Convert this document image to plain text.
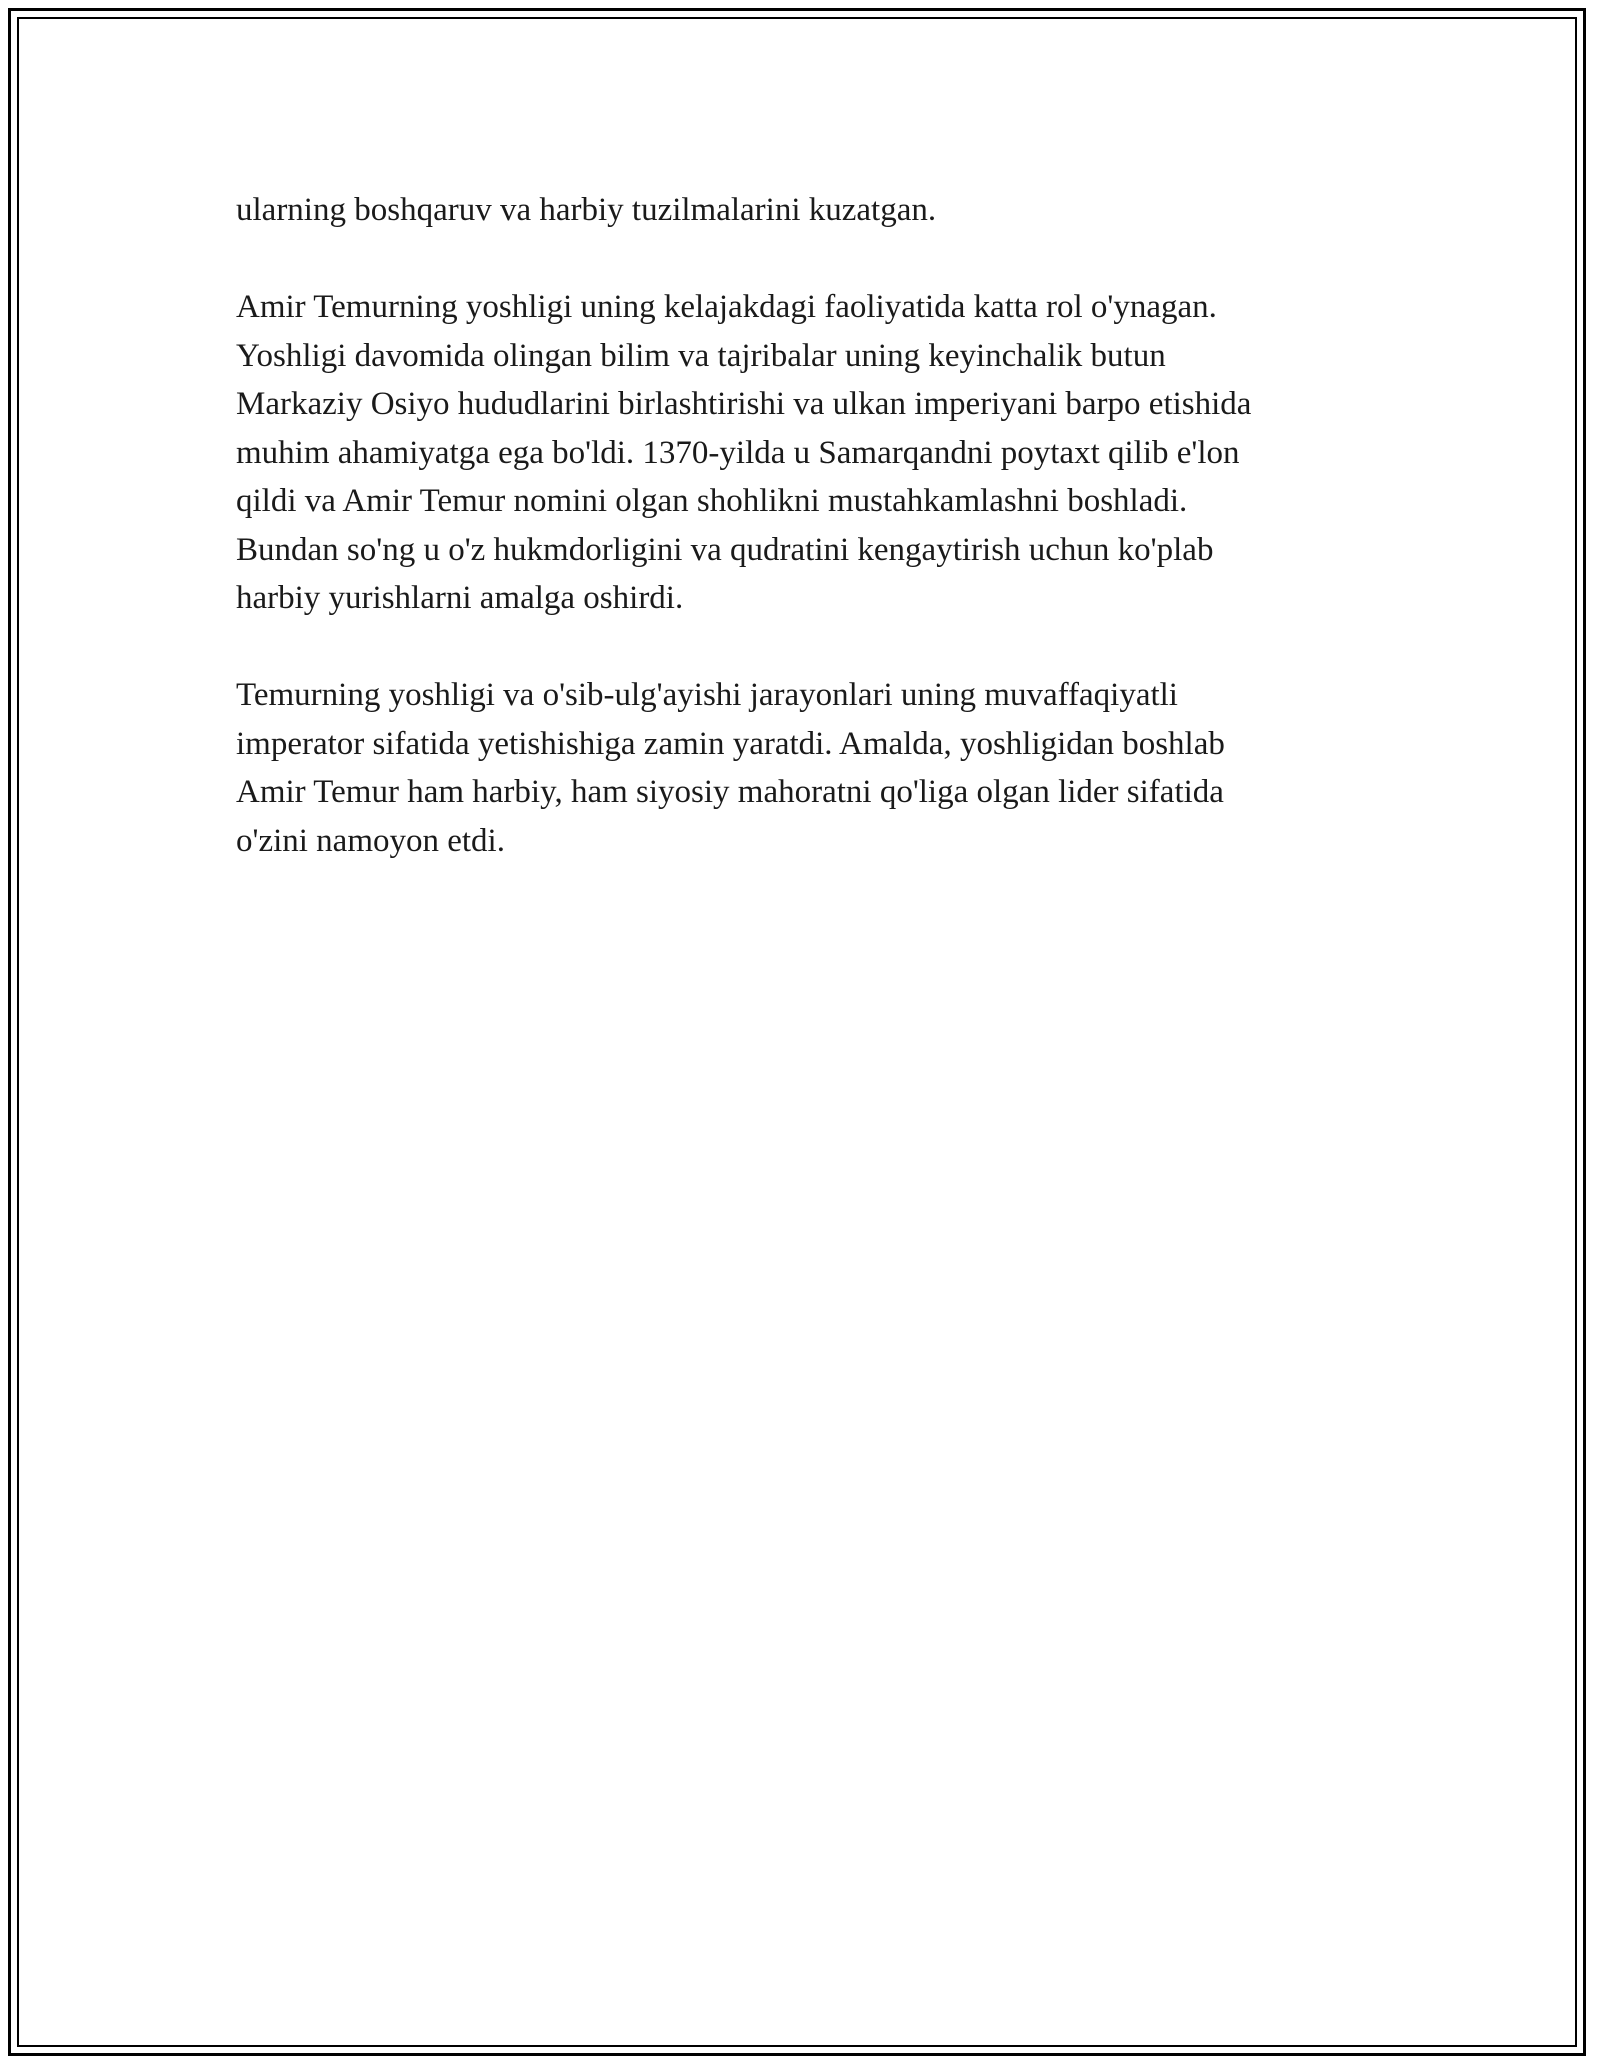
ularning boshqaruv va harbiy tuzilmalarini kuzatgan.

Amir Temurning yoshligi uning kelajakdagi faoliyatida katta rol o'ynagan.
Yoshligi davomida olingan bilim va tajribalar uning keyinchalik butun
Markaziy Osiyo hududlarini birlashtirishi va ulkan imperiyani barpo etishida
muhim ahamiyatga ega bo'ldi. 1370-yilda u Samarqandni poytaxt qilib e'lon
qildi va Amir Temur nomini olgan shohlikni mustahkamlashni boshladi.
Bundan so'ng u o'z hukmdorligini va qudratini kengaytirish uchun ko'plab
harbiy yurishlarni amalga oshirdi.

Temurning yoshligi va o'sib-ulg'ayishi jarayonlari uning muvaffaqiyatli
imperator sifatida yetishishiga zamin yaratdi. Amalda, yoshligidan boshlab
Amir Temur ham harbiy, ham siyosiy mahoratni qo'liga olgan lider sifatida
o'zini namoyon etdi.
